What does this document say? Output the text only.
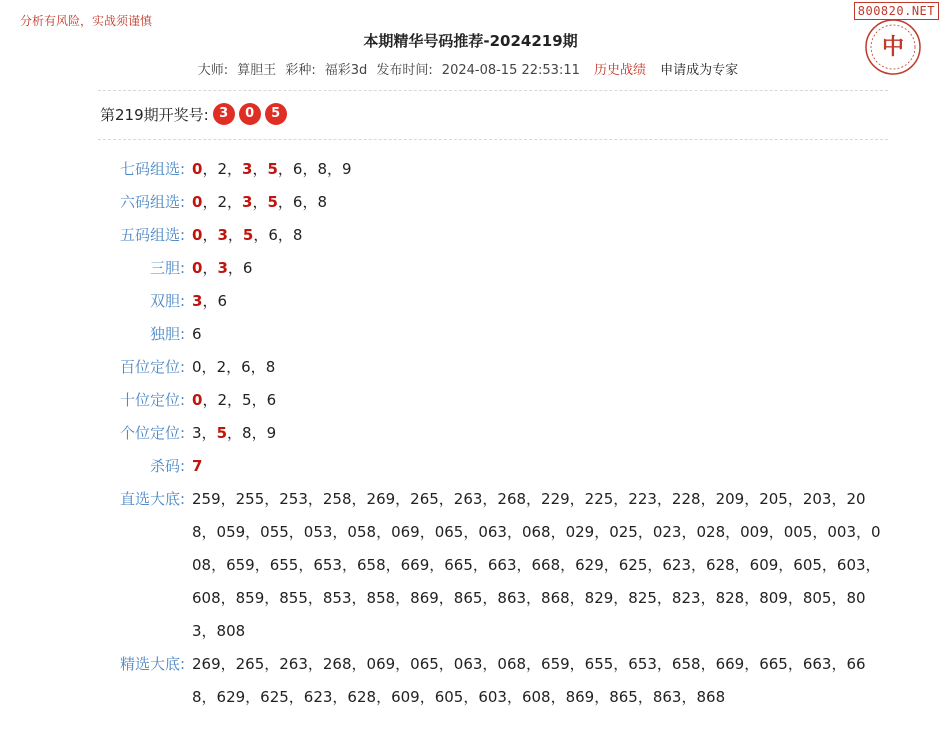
分析有风险，实战须谨慎
800820.NET
中
本期精华号码推荐-2024219期
大师: 算胆王 彩种: 福彩3d 发布时间: 2024-08-15 22:53:11 历史战绩 申请成为专家
第219期开奖号: 3	0	5
七码组选: 0，2，3，5，6，8，9
六码组选: 0，2，3，5，6，8
五码组选: 0，3，5，6，8
三胆: 0，3，6
双胆: 3，6
独胆: 6
百位定位: 0，2，6，8
十位定位: 0，2，5，6
个位定位: 3，5，8，9
杀码: 7
直选大底: 259，255，253，258，269，265，263，268，229，225，223，228，209，205，203，208，059，055，053，058，069，065，063，068，029，025，023，028，009，005，003，008，659，655，653，658，669，665，663，668，629，625，623，628，609，605，603，608，859，855，853，858，869，865，863，868，829，825，823，828，809，805，803，808
精选大底: 269，265，263，268，069，065，063，068，659，655，653，658，669，665，663，668，629，625，623，628，609，605，603，608，869，865，863，868
